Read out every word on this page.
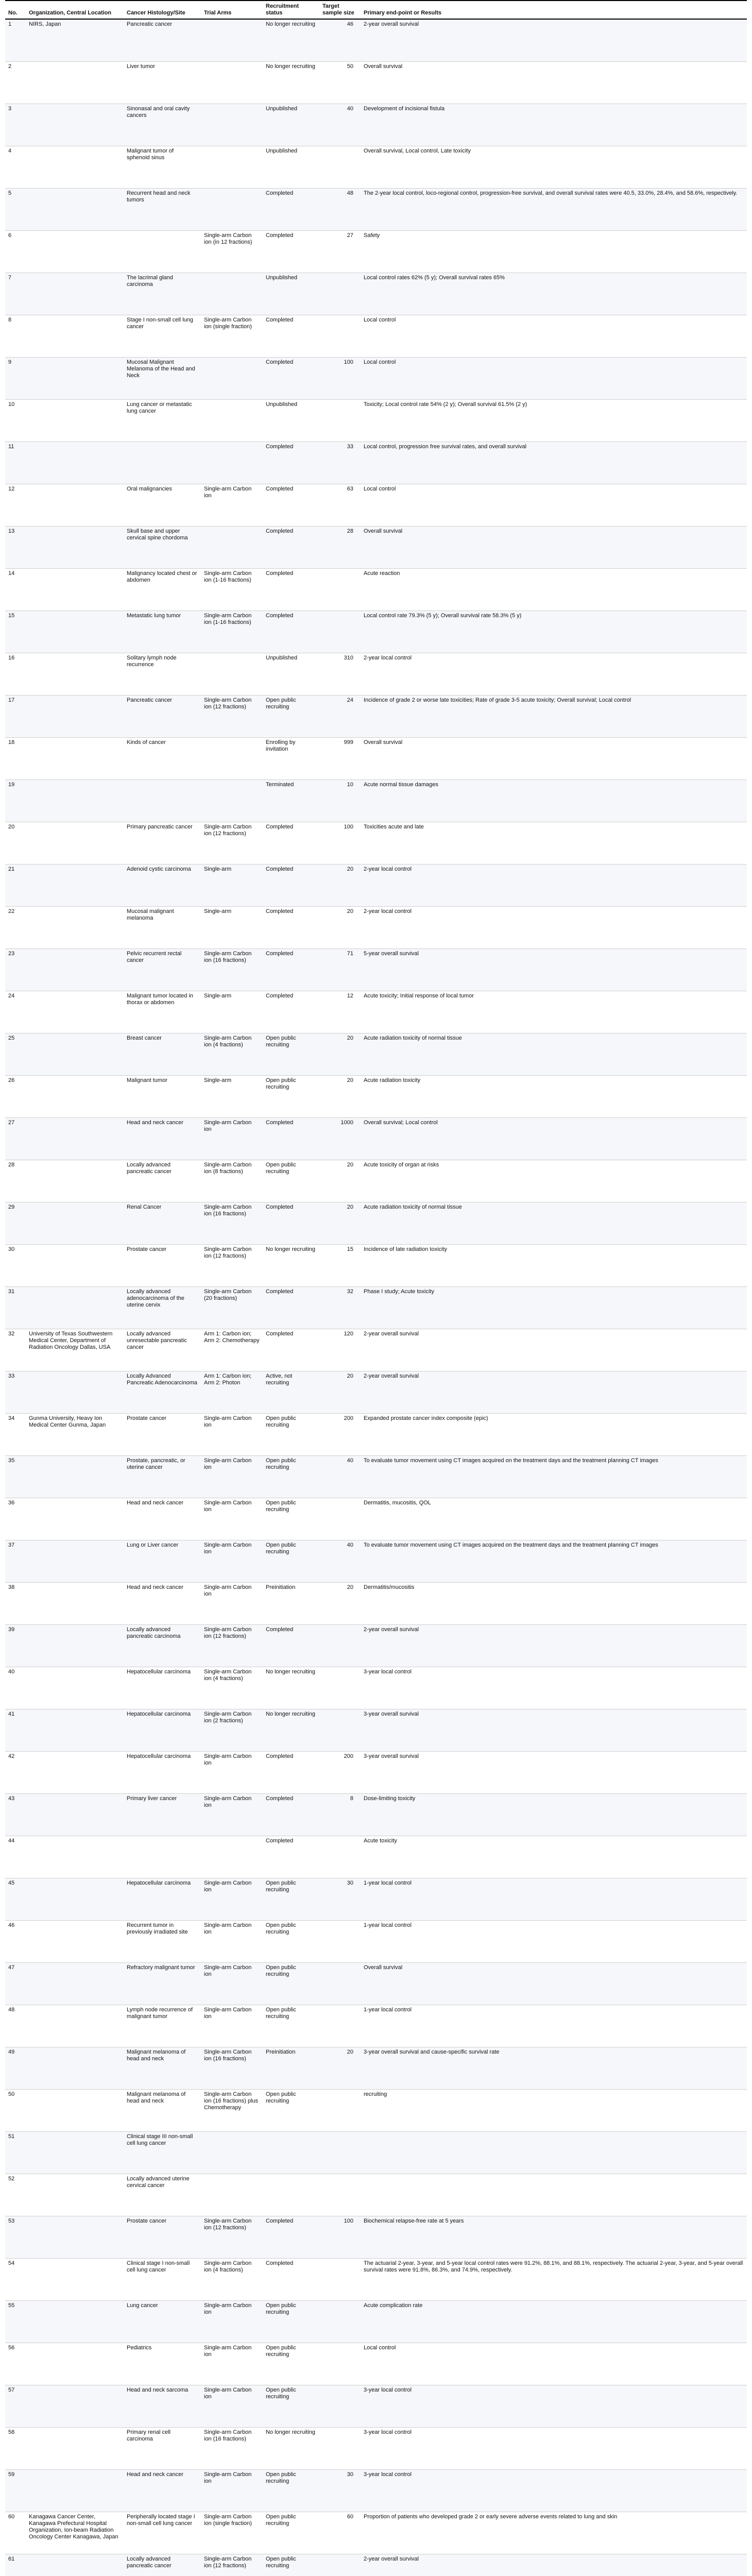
No.	Organization, Central Location	Cancer Histology/Site	Trial Arms	Recruitment status	Target sample size	Primary end-point or Results
1	NIRS, Japan	Pancreatic cancer		No longer recruiting	46	2-year overall survival
2		Liver tumor		No longer recruiting	50	Overall survival
3		Sinonasal and oral cavity cancers		Unpublished	40	Development of incisional fistula
4		Malignant tumor of sphenoid sinus		Unpublished		Overall survival, Local control, Late toxicity
5		Recurrent head and neck tumors		Completed	48	The 2-year local control, loco-regional control, progression-free survival, and overall survival rates were 40.5, 33.0%, 28.4%, and 58.6%, respectively.
6			Single-arm Carbon ion (in 12 fractions)	Completed	27	Safety
7		The lacrimal gland carcinoma		Unpublished		Local control rates 62% (5 y); Overall survival rates 65%
8		Stage I non-small cell lung cancer	Single-arm Carbon ion (single fraction)	Completed		Local control
9		Mucosal Malignant Melanoma of the Head and Neck		Completed	100	Local control
10		Lung cancer or metastatic lung cancer		Unpublished		Toxicity; Local control rate 54% (2 y); Overall survival 61.5% (2 y)
11				Completed	33	Local control, progression free survival rates, and overall survival
12		Oral malignancies	Single-arm Carbon ion	Completed	63	Local control
13		Skull base and upper cervical spine chordoma		Completed	28	Overall survival
14		Malignancy located chest or abdomen	Single-arm Carbon ion (1-16 fractions)	Completed		Acute reaction
15		Metastatic lung tumor	Single-arm Carbon ion (1-16 fractions)	Completed		Local control rate 79.3% (5 y); Overall survival rate 58.3% (5 y)
16		Solitary lymph node recurrence		Unpublished	310	2-year local control
17		Pancreatic cancer	Single-arm Carbon ion (12 fractions)	Open public recruiting	24	Incidence of grade 2 or worse late toxicities; Rate of grade 3-5 acute toxicity; Overall survival; Local control
18		Kinds of cancer		Enrolling by invitation	999	Overall survival
19				Terminated	10	Acute normal tissue damages
20		Primary pancreatic cancer	Single-arm Carbon ion (12 fractions)	Completed	100	Toxicities acute and late
21		Adenoid cystic carcinoma	Single-arm	Completed	20	2-year local control
22		Mucosal malignant melanoma	Single-arm	Completed	20	2-year local control
23		Pelvic recurrent rectal cancer	Single-arm Carbon ion (16 fractions)	Completed	71	5-year overall survival
24		Malignant tumor located in thorax or abdomen	Single-arm	Completed	12	Acute toxicity; Initial response of local tumor
25		Breast cancer	Single-arm Carbon ion (4 fractions)	Open public recruiting	20	Acute radiation toxicity of normal tissue
26		Malignant tumor	Single-arm	Open public recruiting	20	Acute radiation toxicity
27		Head and neck cancer	Single-arm Carbon ion	Completed	1000	Overall survival; Local control
28		Locally advanced pancreatic cancer	Single-arm Carbon ion (8 fractions)	Open public recruiting	20	Acute toxicity of organ at risks
29		Renal Cancer	Single-arm Carbon ion (16 fractions)	Completed	20	Acute radiation toxicity of normal tissue
30		Prostate cancer	Single-arm Carbon ion (12 fractions)	No longer recruiting	15	Incidence of late radiation toxicity
31		Locally advanced adenocarcinoma of the uterine cervix	Single-arm Carbon (20 fractions)	Completed	32	Phase I study; Acute toxicity
32	University of Texas Southwestern Medical Center, Department of Radiation Oncology Dallas, USA	Locally advanced unresectable pancreatic cancer	Arm 1: Carbon ion; Arm 2: Chemotherapy	Completed	120	2-year overall survival
33		Locally Advanced Pancreatic Adenocarcinoma	Arm 1: Carbon ion; Arm 2: Photon	Active, not recruiting	20	2-year overall survival
34	Gunma University, Heavy Ion Medical Center Gunma, Japan	Prostate cancer	Single-arm Carbon ion	Open public recruiting	200	Expanded prostate cancer index composite (epic)
35		Prostate, pancreatic, or uterine cancer	Single-arm Carbon ion	Open public recruiting	40	To evaluate tumor movement using CT images acquired on the treatment days and the treatment planning CT images
36		Head and neck cancer	Single-arm Carbon ion	Open public recruiting		Dermatitis, mucositis, QOL
37		Lung or Liver cancer	Single-arm Carbon ion	Open public recruiting	40	To evaluate tumor movement using CT images acquired on the treatment days and the treatment planning CT images
38		Head and neck cancer	Single-arm Carbon ion	Preinitiation	20	Dermatitis/mucositis
39		Locally advanced pancreatic carcinoma	Single-arm Carbon ion (12 fractions)	Completed		2-year overall survival
40		Hepatocellular carcinoma	Single-arm Carbon ion (4 fractions)	No longer recruiting		3-year local control
41		Hepatocellular carcinoma	Single-arm Carbon ion (2 fractions)	No longer recruiting		3-year overall survival
42		Hepatocellular carcinoma	Single-arm Carbon ion	Completed	200	3-year overall survival
43		Primary liver cancer	Single-arm Carbon ion	Completed	8	Dose-limiting toxicity
44				Completed		Acute toxicity
45		Hepatocellular carcinoma	Single-arm Carbon ion	Open public recruiting	30	1-year local control
46		Recurrent tumor in previously irradiated site	Single-arm Carbon ion	Open public recruiting		1-year local control
47		Refractory malignant tumor	Single-arm Carbon ion	Open public recruiting		Overall survival
48		Lymph node recurrence of malignant tumor	Single-arm Carbon ion	Open public recruiting		1-year local control
49		Malignant melanoma of head and neck	Single-arm Carbon ion (16 fractions)	Preinitiation	20	3-year overall survival and cause-specific survival rate
50		Malignant melanoma of head and neck	Single-arm Carbon ion (16 fractions) plus Chemotherapy	Open public recruiting		recruiting
51		Clinical stage III non-small cell lung cancer				
52		Locally advanced uterine cervical cancer				
53		Prostate cancer	Single-arm Carbon ion (12 fractions)	Completed	100	Biochemical relapse-free rate at 5 years
54		Clinical stage I non-small cell lung cancer	Single-arm Carbon ion (4 fractions)	Completed		The actuarial 2-year, 3-year, and 5-year local control rates were 91.2%, 88.1%, and 88.1%, respectively. The actuarial 2-year, 3-year, and 5-year overall survival rates were 91.8%, 86.3%, and 74.9%, respectively.
55		Lung cancer	Single-arm Carbon ion	Open public recruiting		Acute complication rate
56		Pediatrics	Single-arm Carbon ion	Open public recruiting		Local control
57		Head and neck sarcoma	Single-arm Carbon ion	Open public recruiting		3-year local control
58		Primary renal cell carcinoma	Single-arm Carbon ion (16 fractions)	No longer recruiting		3-year local control
59		Head and neck cancer	Single-arm Carbon ion	Open public recruiting	30	3-year local control
60	Kanagawa Cancer Center, Kanagawa Prefectural Hospital Organization, Ion-beam Radiation Oncology Center Kanagawa, Japan	Peripherally located stage I non-small cell lung cancer	Single-arm Carbon ion (single fraction)	Open public recruiting	60	Proportion of patients who developed grade 2 or early severe adverse events related to lung and skin
61		Locally advanced pancreatic cancer	Single-arm Carbon ion (12 fractions)	Open public recruiting		2-year overall survival
